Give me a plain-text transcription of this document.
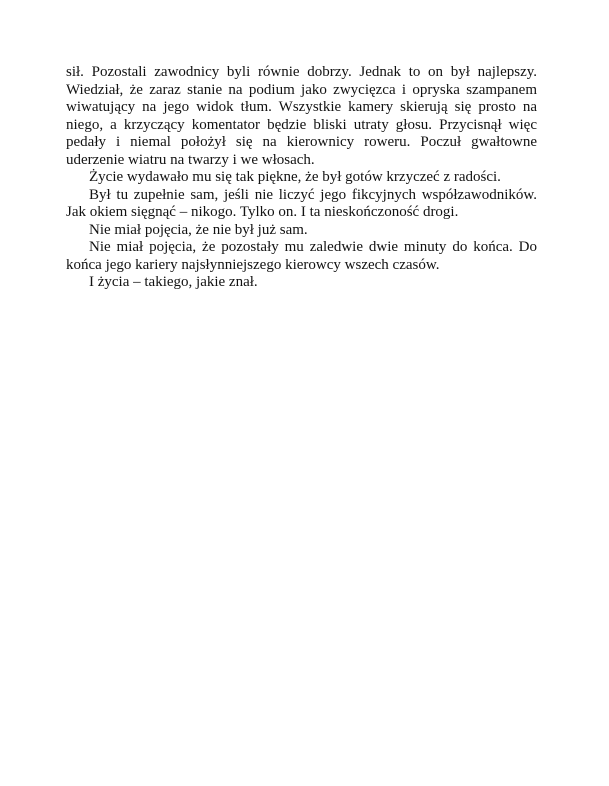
sił. Pozostali zawodnicy byli równie dobrzy. Jednak to on był najlepszy.
Wiedział, że zaraz stanie na podium jako zwycięzca i opryska szampanem
wiwatujący na jego widok tłum. Wszystkie kamery skierują się prosto na
niego, a krzyczący komentator będzie bliski utraty głosu. Przycisnął więc
pedały i niemal położył się na kierownicy roweru. Poczuł gwałtowne
uderzenie wiatru na twarzy i we włosach.
Życie wydawało mu się tak piękne, że był gotów krzyczeć z radości.
Był tu zupełnie sam, jeśli nie liczyć jego fikcyjnych współzawodników.
Jak okiem sięgnąć – nikogo. Tylko on. I ta nieskończoność drogi.
Nie miał pojęcia, że nie był już sam.
Nie miał pojęcia, że pozostały mu zaledwie dwie minuty do końca. Do
końca jego kariery najsłynniejszego kierowcy wszech czasów.
I życia – takiego, jakie znał.
